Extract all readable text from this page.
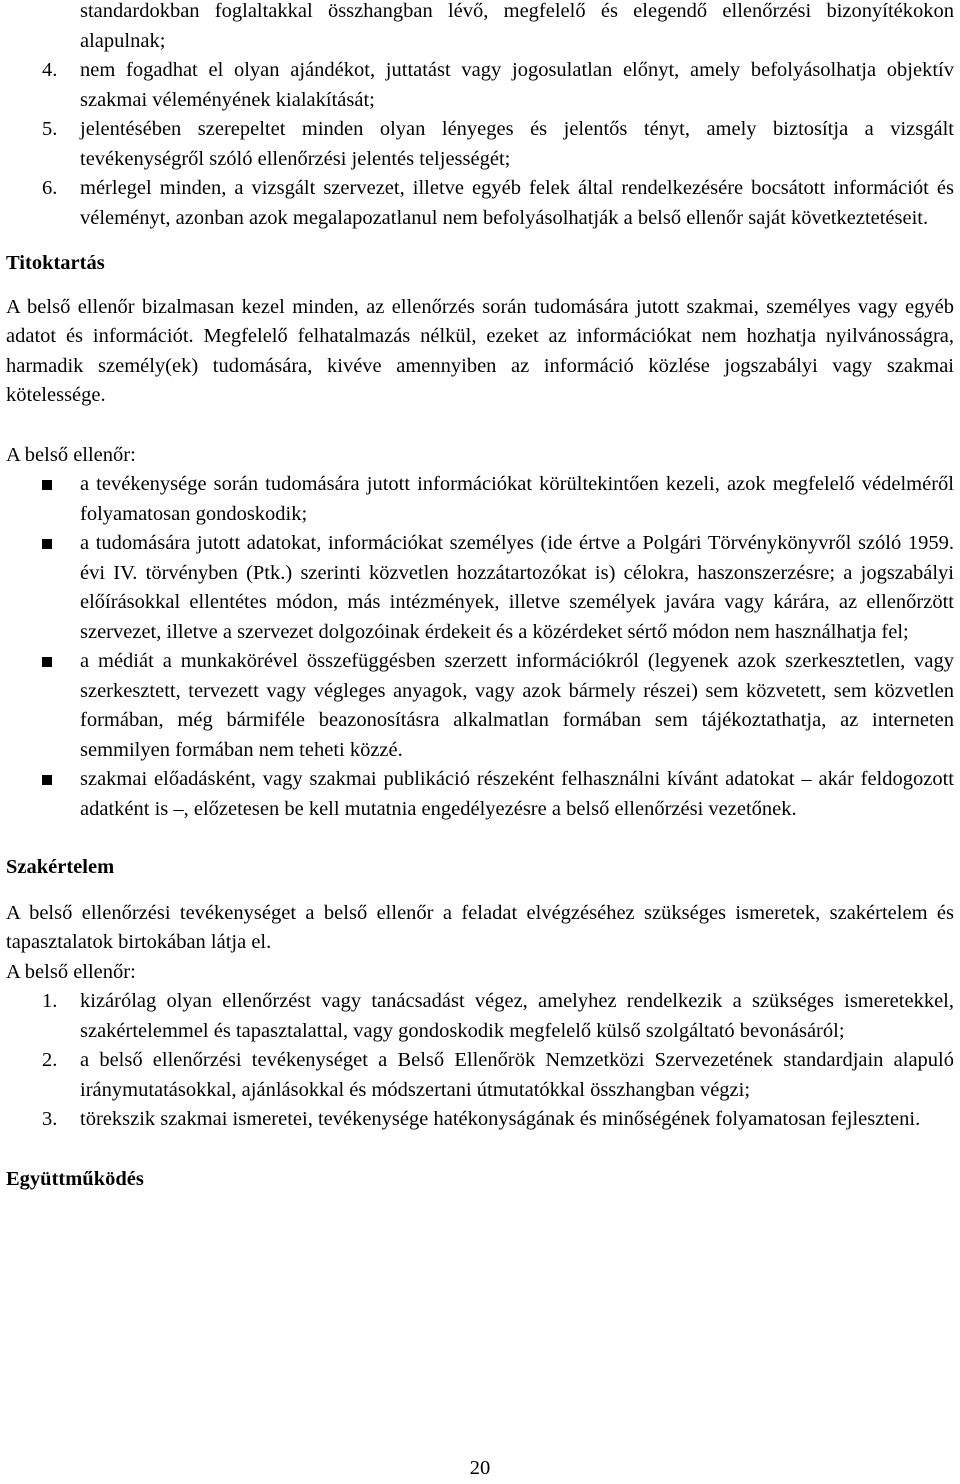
standardokban foglaltakkal összhangban lévő, megfelelő és elegendő ellenőrzési bizonyítékokon alapulnak;
4. nem fogadhat el olyan ajándékot, juttatást vagy jogosulatlan előnyt, amely befolyásolhatja objektív szakmai véleményének kialakítását;
5. jelentésében szerepeltet minden olyan lényeges és jelentős tényt, amely biztosítja a vizsgált tevékenységről szóló ellenőrzési jelentés teljességét;
6. mérlegel minden, a vizsgált szervezet, illetve egyéb felek által rendelkezésére bocsátott információt és véleményt, azonban azok megalapozatlanul nem befolyásolhatják a belső ellenőr saját következtetéseit.
Titoktartás

A belső ellenőr bizalmasan kezel minden, az ellenőrzés során tudomására jutott szakmai, személyes vagy egyéb adatot és információt. Megfelelő felhatalmazás nélkül, ezeket az információkat nem hozhatja nyilvánosságra, harmadik személy(ek) tudomására, kivéve amennyiben az információ közlése jogszabályi vagy szakmai kötelessége.

A belső ellenőr:

a tevékenysége során tudomására jutott információkat körültekintően kezeli, azok megfelelő védelméről folyamatosan gondoskodik;
a tudomására jutott adatokat, információkat személyes (ide értve a Polgári Törvénykönyvről szóló 1959. évi IV. törvényben (Ptk.) szerinti közvetlen hozzátartozókat is) célokra, haszonszerzésre; a jogszabályi előírásokkal ellentétes módon, más intézmények, illetve személyek javára vagy kárára, az ellenőrzött szervezet, illetve a szervezet dolgozóinak érdekeit és a közérdeket sértő módon nem használhatja fel;
a médiát a munkakörével összefüggésben szerzett információkról (legyenek azok szerkesztetlen, vagy szerkesztett, tervezett vagy végleges anyagok, vagy azok bármely részei) sem közvetett, sem közvetlen formában, még bármiféle beazonosításra alkalmatlan formában sem tájékoztathatja, az interneten semmilyen formában nem teheti közzé.
szakmai előadásként, vagy szakmai publikáció részeként felhasználni kívánt adatokat – akár feldogozott adatként is –, előzetesen be kell mutatnia engedélyezésre a belső ellenőrzési vezetőnek.
Szakértelem

A belső ellenőrzési tevékenységet a belső ellenőr a feladat elvégzéséhez szükséges ismeretek, szakértelem és tapasztalatok birtokában látja el.

A belső ellenőr:

1. kizárólag olyan ellenőrzést vagy tanácsadást végez, amelyhez rendelkezik a szükséges ismeretekkel, szakértelemmel és tapasztalattal, vagy gondoskodik megfelelő külső szolgáltató bevonásáról;
2. a belső ellenőrzési tevékenységet a Belső Ellenőrök Nemzetközi Szervezetének standardjain alapuló iránymutatásokkal, ajánlásokkal és módszertani útmutatókkal összhangban végzi;
3. törekszik szakmai ismeretei, tevékenysége hatékonyságának és minőségének folyamatosan fejleszteni.
Együttműködés
20
